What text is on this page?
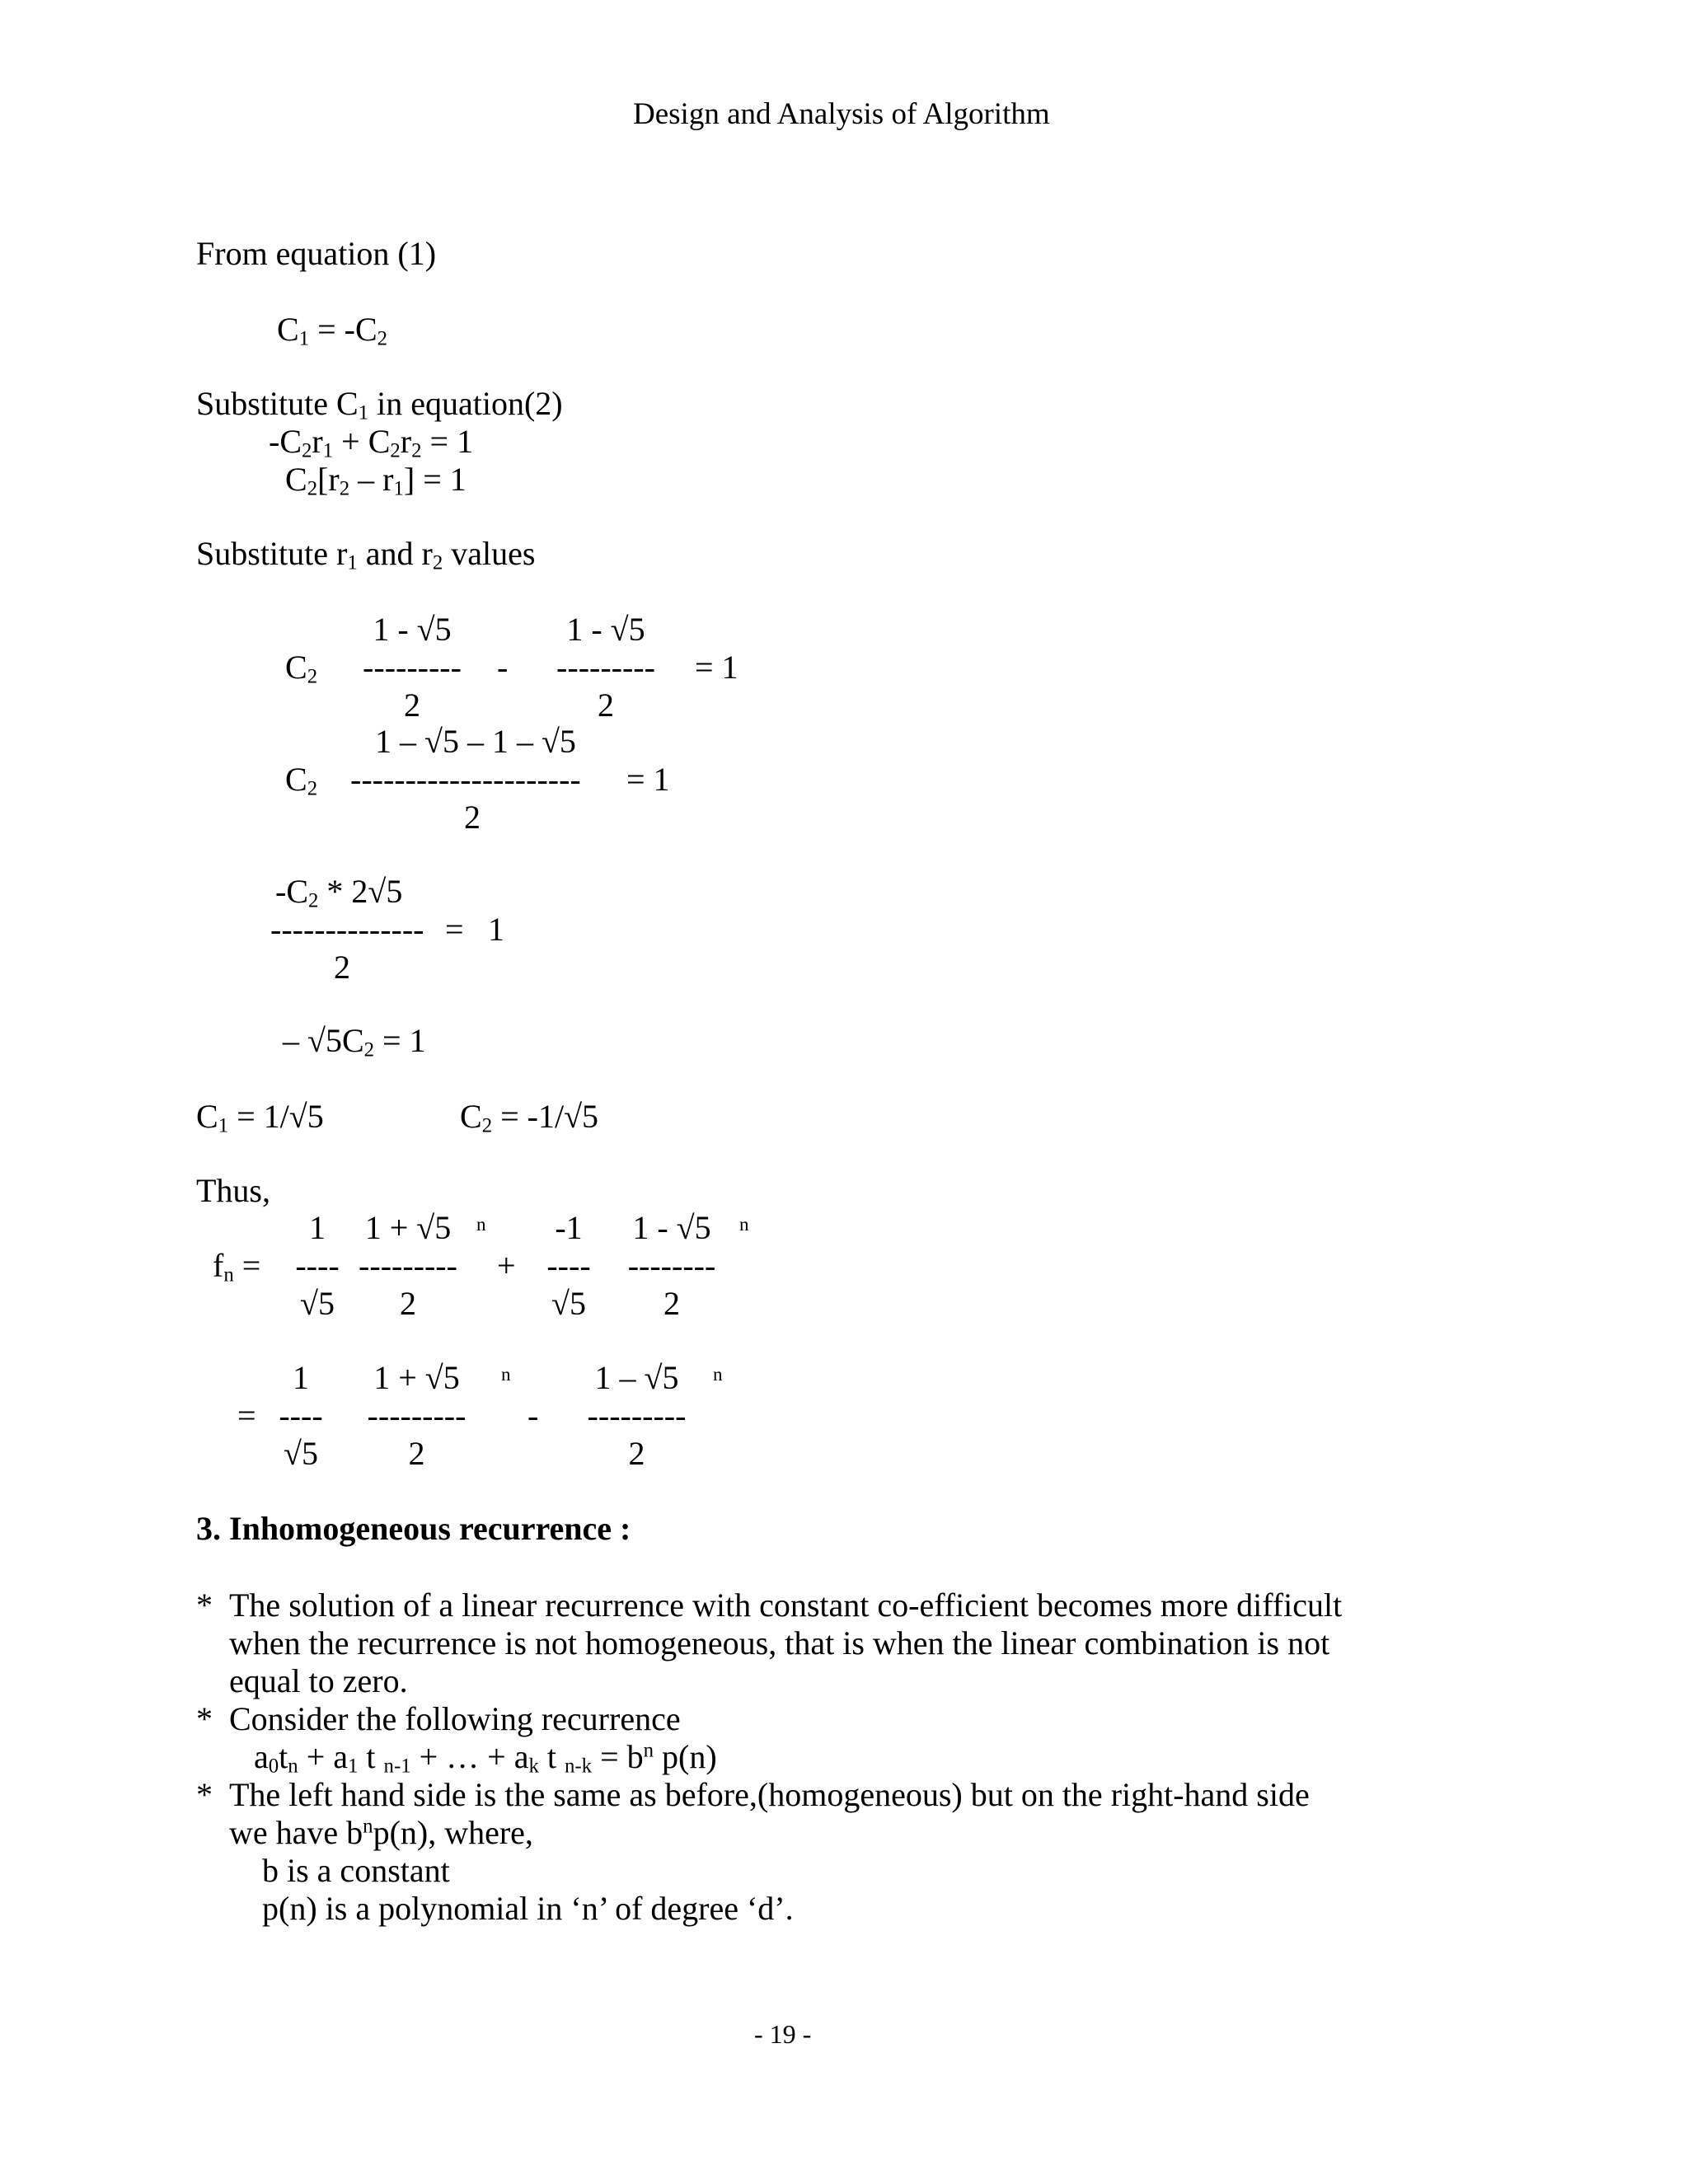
Design and Analysis of Algorithm
From equation (1)
$C_1 = -C_2$
Substitute $C_1$ in equation(2)
$-C_2r_1 + C_2r_2 = 1$
$C_2[r_2 - r_1] = 1$
Substitute $r_1$ and $r_2$ values
$C_2$
1 - √5
---------
2
-
1 - √5
---------
2
= 1
$C_2$
1 – √5 – 1 – √5
---------------------
2
= 1
$-C_2 * 2√5$
--------------
2
= 1
– $√5C_2 = 1$
$C_1 = 1/√5$	$C_2 = -1/√5$
Thus,
$f_n$ =
1
----
√5
1 + √5
---------
2
n
+
-1
----
√5
1 - √5
--------
2
n
=
1
----
√5
1 + √5
---------
2
n
-
1 – √5
---------
2
n
3. Inhomogeneous recurrence :
* The solution of a linear recurrence with constant co-efficient becomes more difficult
when the recurrence is not homogeneous, that is when the linear combination is not
equal to zero.
* Consider the following recurrence
$a_0t_n + a_1$ t $_{n-1}$ + … + $a_k$ t $_{n-k} = b^n$ p(n)
* The left hand side is the same as before,(homogeneous) but on the right-hand side
we have $b^np(n)$, where,
b is a constant
p(n) is a polynomial in ‘n’ of degree ‘d’.
- 19 -
